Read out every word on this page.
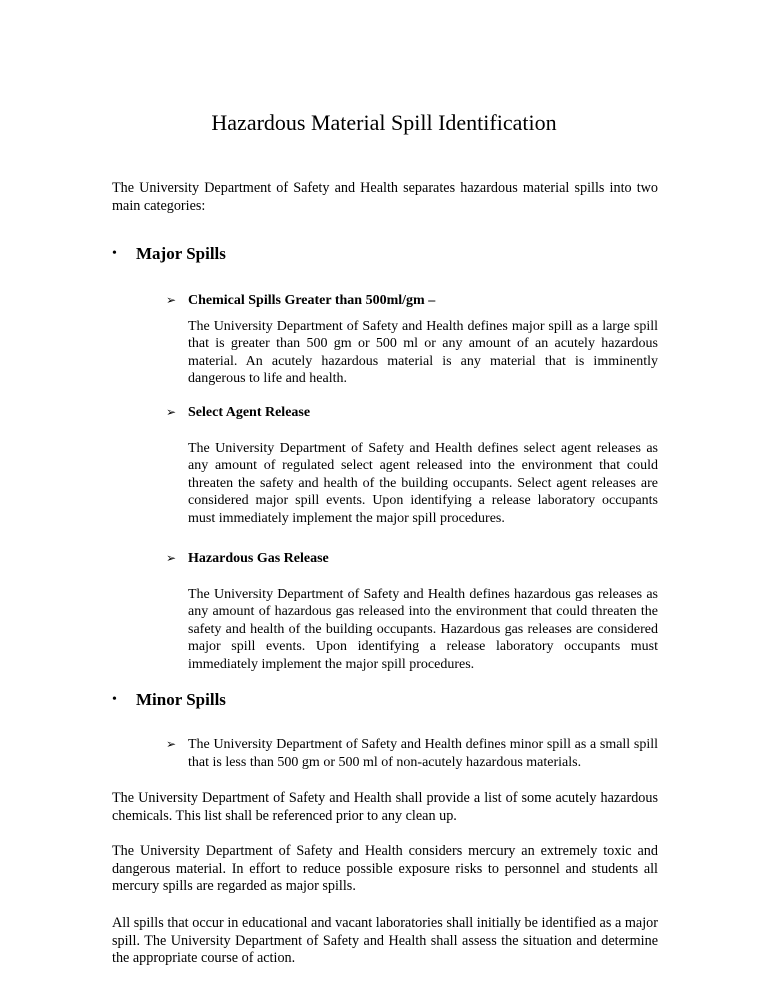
Hazardous Material Spill Identification

The University Department of Safety and Health separates hazardous material spills into two main categories:

•	Major Spills
➢ Chemical Spills Greater than 500ml/gm –
The University Department of Safety and Health defines major spill as a large spill that is greater than 500 gm or 500 ml or any amount of an acutely hazardous material. An acutely hazardous material is any material that is imminently dangerous to life and health.
➢ Select Agent Release
The University Department of Safety and Health defines select agent releases as any amount of regulated select agent released into the environment that could threaten the safety and health of the building occupants. Select agent releases are considered major spill events. Upon identifying a release laboratory occupants must immediately implement the major spill procedures.
➢ Hazardous Gas Release
The University Department of Safety and Health defines hazardous gas releases as any amount of hazardous gas released into the environment that could threaten the safety and health of the building occupants. Hazardous gas releases are considered major spill events. Upon identifying a release laboratory occupants must immediately implement the major spill procedures.
•	Minor Spills
➢ The University Department of Safety and Health defines minor spill as a small spill that is less than 500 gm or 500 ml of non-acutely hazardous materials.

The University Department of Safety and Health shall provide a list of some acutely hazardous chemicals. This list shall be referenced prior to any clean up.

The University Department of Safety and Health considers mercury an extremely toxic and dangerous material. In effort to reduce possible exposure risks to personnel and students all mercury spills are regarded as major spills.

All spills that occur in educational and vacant laboratories shall initially be identified as a major spill. The University Department of Safety and Health shall assess the situation and determine the appropriate course of action.
